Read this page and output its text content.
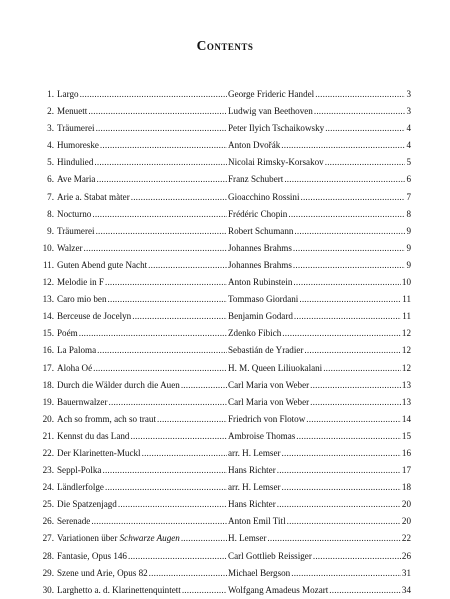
Contents
1. Largo .....	George Frideric Handel .....	3
2. Menuett .....	Ludwig van Beethoven .....	3
3. Träumerei .....	Peter Ilyich Tschaikowsky .....	4
4. Humoreske .....	Anton Dvořák .....	4
5. Hindulied .....	Nicolai Rimsky-Korsakov .....	5
6. Ave Maria .....	Franz Schubert .....	6
7. Arie a. Stabat màter .....	Gioacchino Rossini .....	7
8. Nocturno .....	Frédéric Chopin .....	8
9. Träumerei .....	Robert Schumann .....	9
10. Walzer .....	Johannes Brahms .....	9
11. Guten Abend gute Nacht .....	Johannes Brahms .....	9
12. Melodie in F .....	Anton Rubinstein .....	10
13. Caro mio ben .....	Tommaso Giordani .....	11
14. Berceuse de Jocelyn .....	Benjamin Godard .....	11
15. Poém .....	Zdenko Fibich .....	12
16. La Paloma .....	Sebastián de Yradier .....	12
17. Aloha Oé .....	H. M. Queen Liliuokalani .....	12
18. Durch die Wälder durch die Auen .....	Carl Maria von Weber .....	13
19. Bauernwalzer .....	Carl Maria von Weber .....	13
20. Ach so fromm, ach so traut .....	Friedrich von Flotow .....	14
21. Kennst du das Land .....	Ambroise Thomas .....	15
22. Der Klarinetten-Muckl .....	arr. H. Lemser .....	16
23. Seppl-Polka .....	Hans Richter .....	17
24. Ländlerfolge .....	arr. H. Lemser .....	18
25. Die Spatzenjagd .....	Hans Richter .....	20
26. Serenade .....	Anton Emil Titl .....	20
27. Variationen über Schwarze Augen .....	H. Lemser .....	22
28. Fantasie, Opus 146 .....	Carl Gottlieb Reissiger .....	26
29. Szene und Arie, Opus 82 .....	Michael Bergson .....	31
30. Larghetto a. d. Klarinettenquintett .....	Wolfgang Amadeus Mozart .....	34
